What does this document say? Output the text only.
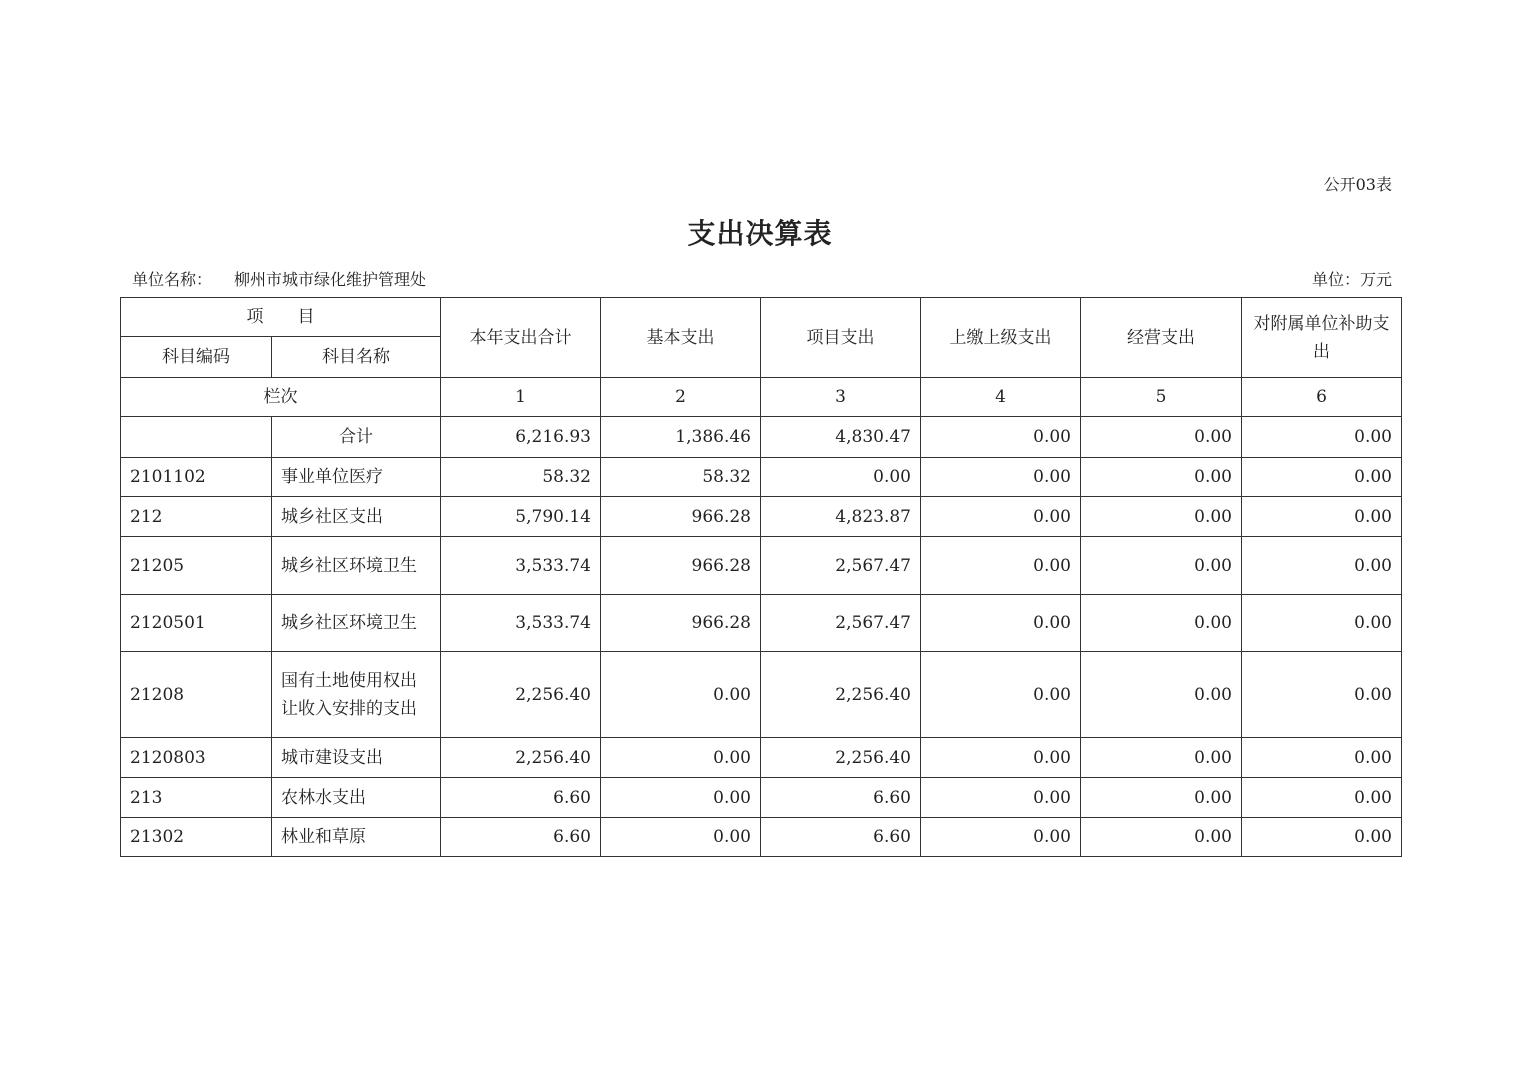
公开03表
支出决算表
单位名称： 柳州市城市绿化维护管理处	单位：万元
项　　目		本年支出合计	基本支出	项目支出	上缴上级支出	经营支出	对附属单位补助支出
科目编码	科目名称						
栏次		1	2	3	4	5	6
	合计	6,216.93	1,386.46	4,830.47	0.00	0.00	0.00
2101102	事业单位医疗	58.32	58.32	0.00	0.00	0.00	0.00
212	城乡社区支出	5,790.14	966.28	4,823.87	0.00	0.00	0.00
21205	城乡社区环境卫生	3,533.74	966.28	2,567.47	0.00	0.00	0.00
2120501	城乡社区环境卫生	3,533.74	966.28	2,567.47	0.00	0.00	0.00
21208	国有土地使用权出让收入安排的支出	2,256.40	0.00	2,256.40	0.00	0.00	0.00
2120803	城市建设支出	2,256.40	0.00	2,256.40	0.00	0.00	0.00
213	农林水支出	6.60	0.00	6.60	0.00	0.00	0.00
21302	林业和草原	6.60	0.00	6.60	0.00	0.00	0.00
